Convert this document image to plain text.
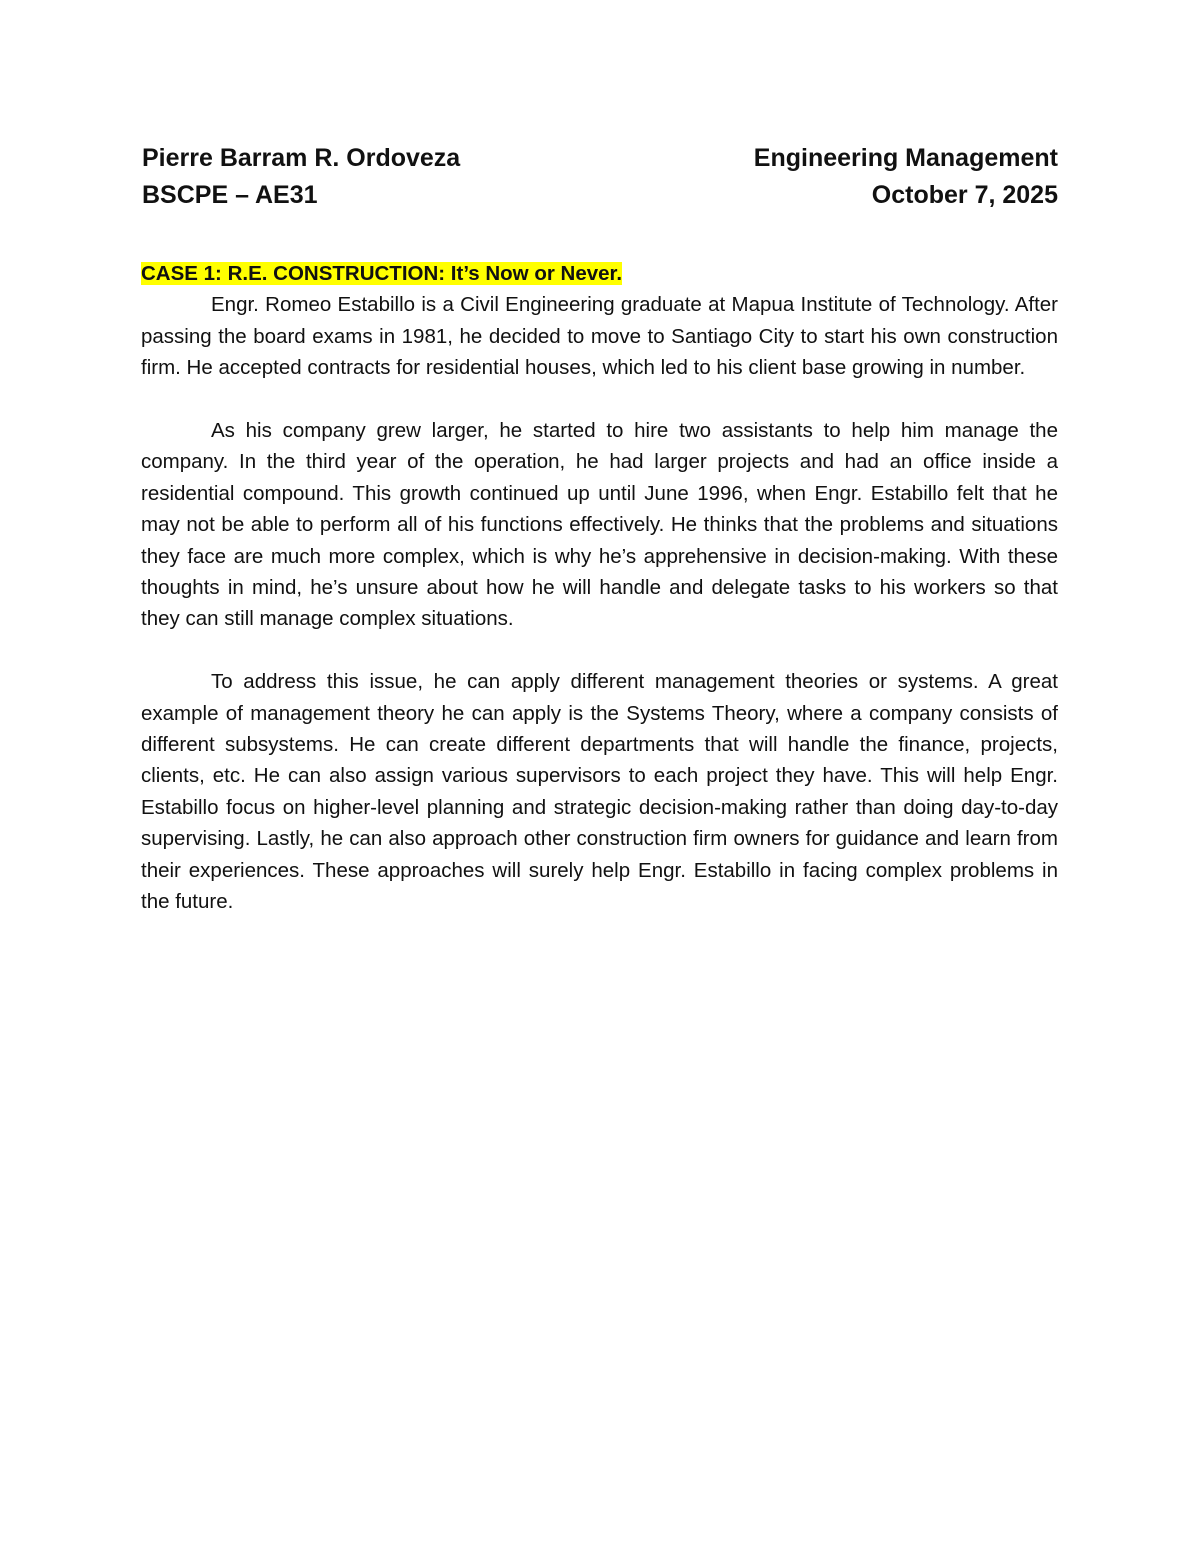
Pierre Barram R. Ordoveza	Engineering Management
BSCPE – AE31	October 7, 2025

CASE 1: R.E. CONSTRUCTION: It’s Now or Never.

Engr. Romeo Estabillo is a Civil Engineering graduate at Mapua Institute of Technology. After passing the board exams in 1981, he decided to move to Santiago City to start his own construction firm. He accepted contracts for residential houses, which led to his client base growing in number.

As his company grew larger, he started to hire two assistants to help him manage the company. In the third year of the operation, he had larger projects and had an office inside a residential compound. This growth continued up until June 1996, when Engr. Estabillo felt that he may not be able to perform all of his functions effectively. He thinks that the problems and situations they face are much more complex, which is why he’s apprehensive in decision-making. With these thoughts in mind, he’s unsure about how he will handle and delegate tasks to his workers so that they can still manage complex situations.

To address this issue, he can apply different management theories or systems. A great example of management theory he can apply is the Systems Theory, where a company consists of different subsystems. He can create different departments that will handle the finance, projects, clients, etc. He can also assign various supervisors to each project they have. This will help Engr. Estabillo focus on higher-level planning and strategic decision-making rather than doing day-to-day supervising. Lastly, he can also approach other construction firm owners for guidance and learn from their experiences. These approaches will surely help Engr. Estabillo in facing complex problems in the future.
